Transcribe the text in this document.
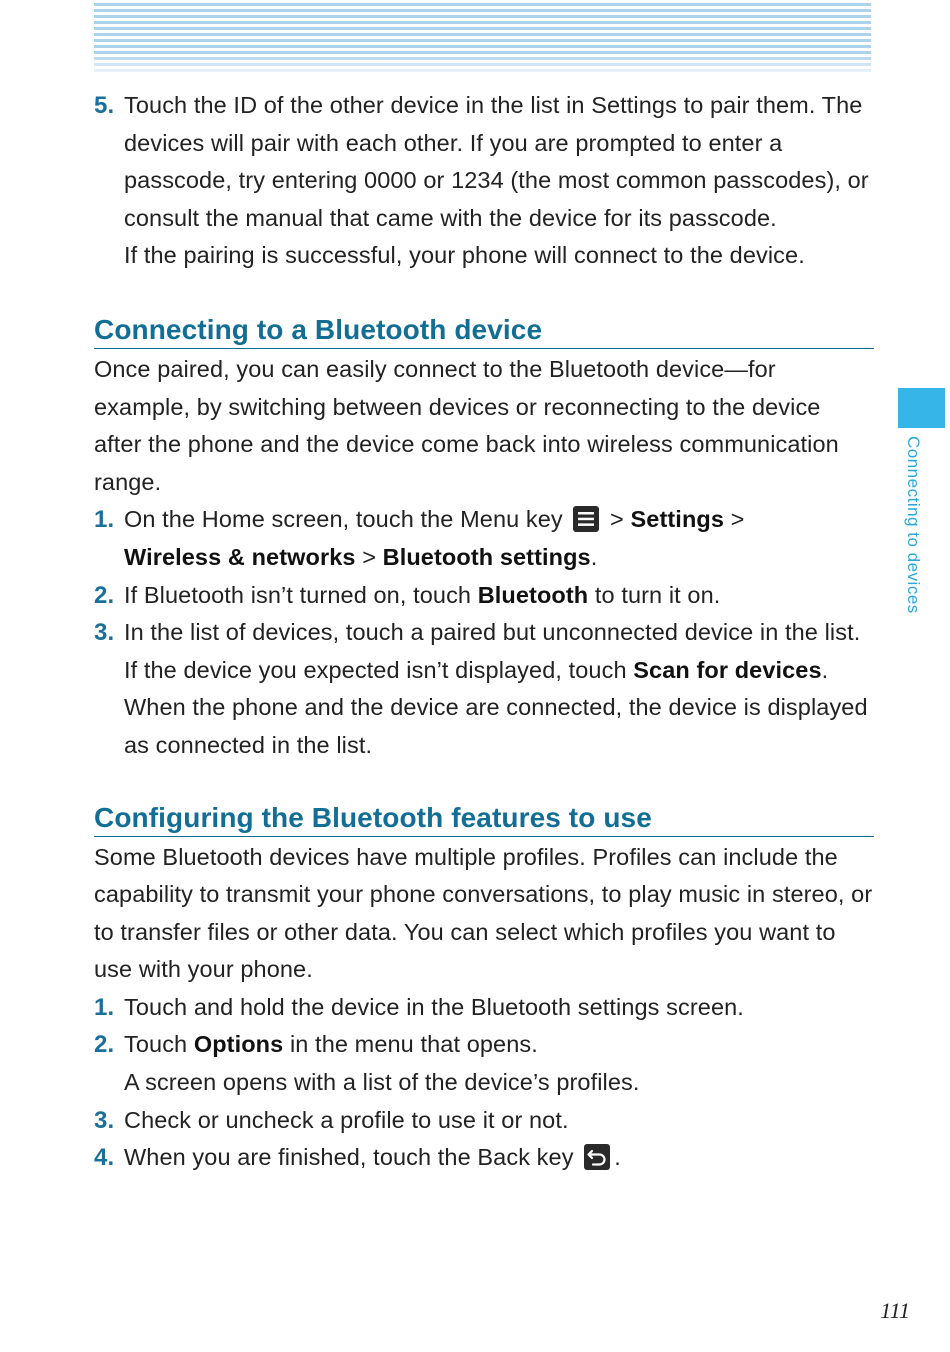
5. Touch the ID of the other device in the list in Settings to pair them. The devices will pair with each other. If you are prompted to enter a passcode, try entering 0000 or 1234 (the most common passcodes), or consult the manual that came with the device for its passcode.
If the pairing is successful, your phone will connect to the device.
Connecting to a Bluetooth device
Once paired, you can easily connect to the Bluetooth device—for example, by switching between devices or reconnecting to the device after the phone and the device come back into wireless communication range.
1. On the Home screen, touch the Menu key
> Settings >
Wireless & networks > Bluetooth settings.
2. If Bluetooth isn’t turned on, touch Bluetooth to turn it on.
3. In the list of devices, touch a paired but unconnected device in the list.
If the device you expected isn’t displayed, touch Scan for devices.
When the phone and the device are connected, the device is displayed as connected in the list.
Configuring the Bluetooth features to use
Some Bluetooth devices have multiple profiles. Profiles can include the capability to transmit your phone conversations, to play music in stereo, or to transfer files or other data. You can select which profiles you want to use with your phone.
1. Touch and hold the device in the Bluetooth settings screen.
2. Touch Options in the menu that opens.
A screen opens with a list of the device’s profiles.
3. Check or uncheck a profile to use it or not.
4. When you are finished, touch the Back key
.
Connecting to devices
111
